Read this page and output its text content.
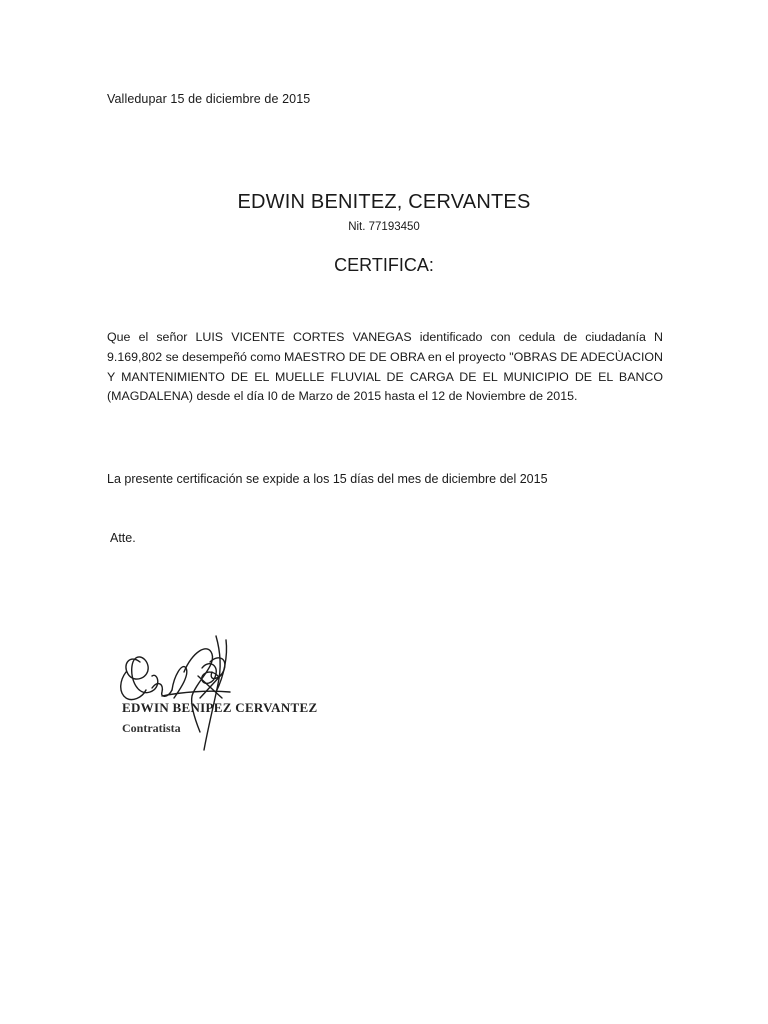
Valledupar 15 de diciembre de 2015
EDWIN BENITEZ, CERVANTES
Nit. 77193450
CERTIFICA:
Que el señor LUIS VICENTE CORTES VANEGAS identificado con cedula de ciudadanía N 9.169,802 se desempeñó como MAESTRO DE DE OBRA en el proyecto "OBRAS DE ADECÙACION Y MANTENIMIENTO DE EL MUELLE FLUVIAL DE CARGA DE EL MUNICIPIO DE EL BANCO (MAGDALENA) desde el día I0 de Marzo de 2015 hasta el 12 de Noviembre de 2015.
La presente certificación se expide a los 15 días del mes de diciembre del 2015
Atte.
EDWIN BENIPEZ CERVANTEZ
Contratista
